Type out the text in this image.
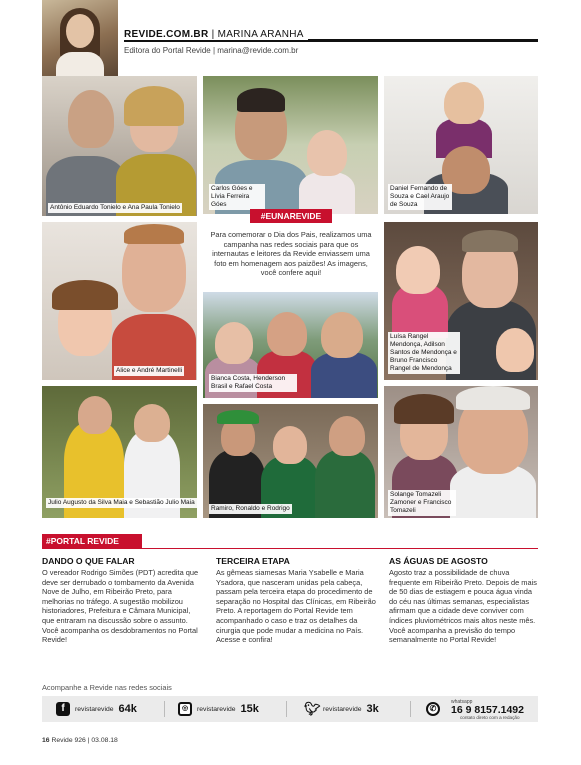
REVIDE.COM.BR | MARINA ARANHA
Editora do Portal Revide | marina@revide.com.br
Antônio Eduardo Tonielo e Ana Paula Tonielo
Carlos Góes e Lívia Ferreira Góes
Daniel Fernando de Souza e Cael Araujo de Souza
#EUNAREVIDE
Para comemorar o Dia dos Pais, realizamos uma campanha nas redes sociais para que os internautas e leitores da Revide enviassem uma foto em homenagem aos paizões! As imagens, você confere aqui!
Alice e André Martinelli
Bianca Costa, Henderson Brasil e Rafael Costa
Luísa Rangel Mendonça, Adilson Santos de Mendonça e Bruno Francisco Rangel de Mendonça
Julio Augusto da Silva Maia e Sebastião Julio Maia
Ramiro, Ronaldo e Rodrigo
Solange Tomazeli Zamoner e Francisco Tomazeli
#PORTAL REVIDE
DANDO O QUE FALAR

O vereador Rodrigo Simões (PDT) acredita que deve ser derrubado o tombamento da Avenida Nove de Julho, em Ribeirão Preto, para melhorias no tráfego. A sugestão mobilizou historiadores, Prefeitura e Câmara Municipal, que entraram na discussão sobre o assunto. Você acompanha os desdobramentos no Portal Revide!

TERCEIRA ETAPA

As gêmeas siamesas Maria Ysabelle e Maria Ysadora, que nasceram unidas pela cabeça, passam pela terceira etapa do procedimento de separação no Hospital das Clínicas, em Ribeirão Preto. A reportagem do Portal Revide tem acompanhado o caso e traz os detalhes da cirurgia que pode mudar a medicina no País. Acesse e confira!

AS ÁGUAS DE AGOSTO

Agosto traz a possibilidade de chuva frequente em Ribeirão Preto. Depois de mais de 50 dias de estiagem e pouca água vinda do céu nas últimas semanas, especialistas afirmam que a cidade deve conviver com índices pluviométricos mais altos neste mês. Você acompanha a previsão do tempo semanalmente no Portal Revide!

Acompanhe a Revide nas redes sociais
f	revistarevide 64k	◎	revistarevide 15k	🐦︎ revistarevide 3k	✆
whatsapp
16 9 8157.1492
contato direto com a redação
16 Revide 926 | 03.08.18
